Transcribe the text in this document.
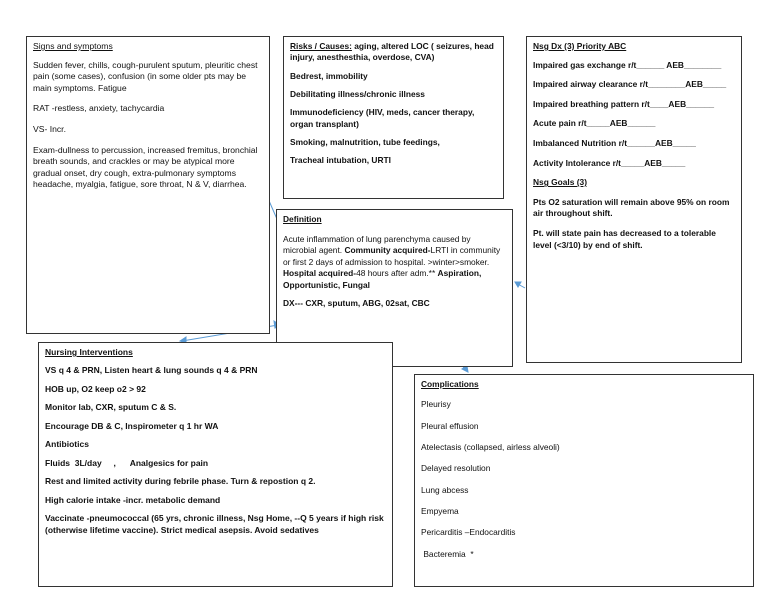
Signs and symptoms
Sudden fever, chills, cough-purulent sputum, pleuritic chest pain (some cases), confusion (in some older pts may be main symptoms. Fatigue
RAT -restless, anxiety, tachycardia
VS- Incr.
Exam-dullness to percussion, increased fremitus, bronchial breath sounds, and crackles or may be atypical more gradual onset, dry cough, extra-pulmonary symptoms headache, myalgia, fatigue, sore throat, N & V, diarrhea.
Risks / Causes: aging, altered LOC ( seizures, head injury, anesthesthia, overdose, CVA)
Bedrest, immobility
Debilitating illness/chronic illness
Immunodeficiency (HIV, meds, cancer therapy, organ transplant)
Smoking, malnutrition, tube feedings,
Tracheal intubation, URTI
Nsg Dx (3) Priority ABC
Impaired gas exchange r/t______ AEB________
Impaired airway clearance r/t________AEB_____
Impaired breathing pattern r/t____AEB______
Acute pain r/t_____AEB______
Imbalanced Nutrition r/t______AEB_____
Activity Intolerance r/t_____AEB_____
Nsg Goals (3)
Pts O2 saturation will remain above 95% on room air throughout shift.
Pt. will state pain has decreased to a tolerable level (<3/10) by end of shift.
Definition
Acute inflammation of lung parenchyma caused by microbial agent. Community acquired-LRTI in community or first 2 days of admission to hospital. >winter>smoker. Hospital acquired-48 hours after adm.** Aspiration, Opportunistic, Fungal
DX--- CXR, sputum, ABG, 02sat, CBC
Nursing Interventions
VS q 4 & PRN, Listen heart & lung sounds q 4 & PRN
HOB up, O2 keep o2 > 92
Monitor lab, CXR, sputum C & S.
Encourage DB & C, Inspirometer q 1 hr WA
Antibiotics
Fluids  3L/day     ,      Analgesics for pain
Rest and limited activity during febrile phase. Turn & repostion q 2.
High calorie intake -incr. metabolic demand
Vaccinate -pneumococcal (65 yrs, chronic illness, Nsg Home, --Q 5 years if high risk (otherwise lifetime vaccine). Strict medical asepsis. Avoid sedatives
Complications
Pleurisy
Pleural effusion
Atelectasis (collapsed, airless alveoli)
Delayed resolution
Lung abcess
Empyema
Pericarditis –Endocarditis
Bacteremia  *
